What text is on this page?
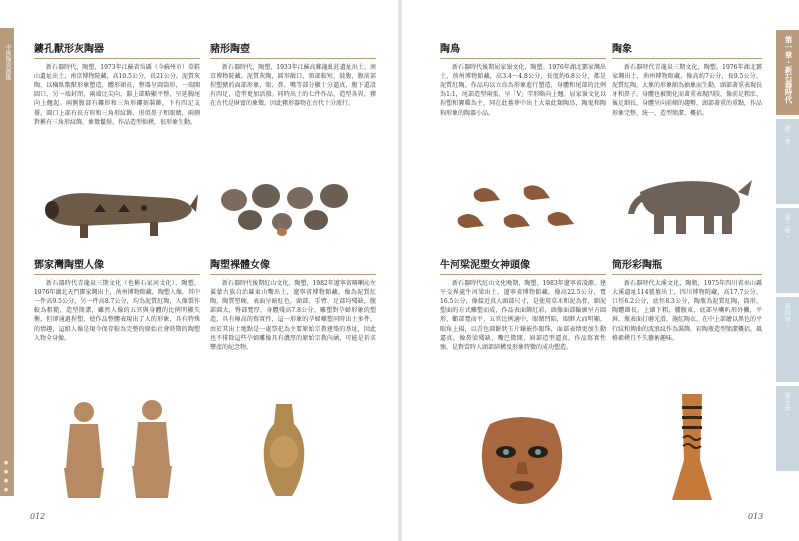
中國陶瓷圖鑑
●●●●
第一章・新石器時代
第二章・
第三章・
第四章・
第五章・
鏤孔獸形灰陶器

新石器時代，陶塑，1973年江蘇省吳縣（今蘇州市）草鞋山遺址出土，南京博物院藏，高10.5公分，長21公分。泥質灰陶，以橫臥歌獸形象塑造，體形碩長，整器呈圓筒形，一端開圓口，另一端封閉，兩端比尖向，器上部略顯平整，呈延胸尾向上翹起。兩側腹部有鏤形和三角形鏤刻裝飾，下有四足支撐，圓口上部有長方形和三角形紋飾，形似鼻子和眼睛，兩側對稱有三角形紋飾，象徵鬣鬃。作品造型拙樸，很形象生動。

豬形陶壺

新石器時代，陶塑，1933年江蘇高郵龍虬莊遺址出土，南京博物院藏。泥質灰陶，圓形敞口，頸部較短，鼓腹，腹前部捏塑豬的面部形象，眼、鼻，嘴等部分顯十分逼真，腹下還設有四足，造型更加活潑。同時出土的七件作品，造型各異，豬在古代是財富的象徵，因此豬形器物在古代十分流行。

陶鳥

新石器時代後期屈家嶺文化，陶塑。1976年湖北鄧家灣出土，荊州博物館藏，高3.4～4.8公分，長度約6.8公分，都是泥質紅陶。作品均以立鳥為形象進行塑造，身體和尾部的比例為1:1，尾部造型兩張，呈「V」字形略向上翹。屈家嶺文化以捏塑和寶雞為主，同在此墓葬中出土大量此類陶鳥，陶鬼和陶狗形象的陶器小品。

陶象

新石器時代青龍泉三期文化，陶塑。1976年湖北鄧家灣出土，荊州博物館藏，像高約7公分，長9.5公分，泥質紅陶，大象的形象頗為抽象而生動，頭部著重表現長牙和鼻子，身體也被簡化而著重表現四肢，像前足粗壯，後足細長，身體呈向前傾的趨勢，頭部著重的重點，作品形象完整、統一，造型簡潔、概括。

鄧家灣陶塑人像

新石器時代青龍泉三期文化（也稱石家河文化），陶塑。1976年湖北天門鄧家灣出土，荊州博物館藏。陶塑人像，其中一件高9.5公分，另一件高8.7公分，均為泥質紅陶，人像製作較為粗糙，造型簡潔，雖然人像的五官與身體的比例明顯失衡，但卻通過捏塑，使作品整體表現出了人的形象，具有特殊的情趣，這組人像是現今保存較為完整的原始社會時期的陶塑人物全身像。

陶塑裸體女像

新石器時代後期紅山文化，陶塑，1982年遼寧省喀喇沁左翼蒙古族自治縣東山嘴出土，遼寧省博物館藏，像為泥質紅陶，陶質堅硬，表面呈暗紅色，頭部、手臂、足部均殘缺，腹部圓大，臀部寬厚，身體殘高7.8公分。雕塑對孕婦形象的塑造，具有極高的寫實性，這一形象的孕婦雕塑同時出土多件，由於其出土地點是一處祭祀為主要原始宗教建築的基址，因此也不排除這些孕婦雕像具有濃厚的原始宗教內涵，可能是祈求豐產的紀念物。

牛河梁泥塑女神頭像

新石器時代紅山文化晚期，陶塑，1983年遼寧省凌源、建平交界處牛河梁出土，遼寧省博物館藏。像高22.5公分，寬16.5公分，像接近真人頭部尺寸，是使用草禾和泥為骨，細泥塑面的方式雕塑而成，作品表面飾紅彩，頭像面部輪廓呈方圓形，顴部寬而平，五官比例適中，眼睛凹陷，眼眶大而明顯，眼角上揚，以青色圓餅狀玉片鑲嵌作眼珠，面部表情更加生動逼真。像鼻梁殘缺，嘴巴微開，唇部造型逼真。作品寫實性強，是對當時人頭部結構及形象特徵的成功塑造。

筒形彩陶瓶

新石器時代大溪文化，陶瓶，1975年四川省巫山縣大溪遺址114號墓出土，四川博物院藏，高17.7公分，口徑6.2公分，底徑8.3公分，陶瓶為泥質紅陶，筒形，陶體細長，上細下粗，腰腹束，底部呈喇叭形外撇，平唇，瓶表面打磨光滑，施紅陶衣，在中上部繪以黑色的平行紋和傳曲的波浪紋作為裝飾，彩陶瓶造型簡潔概括，風格素樸且不失藝術趣味。

012	013
